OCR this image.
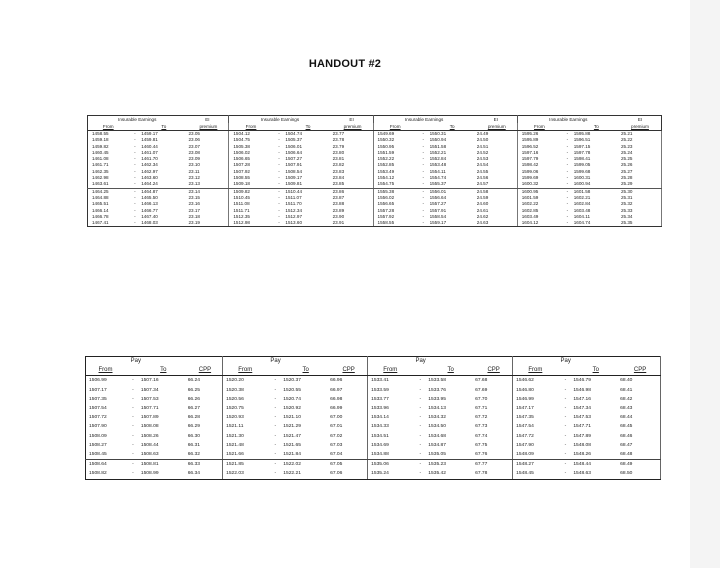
HANDOUT #2
Insurable Earnings			EI	Insurable Earnings			EI	Insurable Earnings			EI	Insurable Earnings			EI
From		To	premium	From		To	premium	From		To	premium	From		To	premium
1458.55	-	1459.17	23.05	1504.12	-	1504.74	23.77	1549.69	-	1550.31	24.49	1595.26	-	1595.88	25.21
1459.18	-	1459.81	23.06	1504.75	-	1505.37	23.78	1550.32	-	1550.94	24.50	1595.89	-	1596.51	25.22
1459.82	-	1460.44	23.07	1505.38	-	1506.01	23.79	1550.95	-	1551.58	24.51	1596.52	-	1597.15	25.23
1460.45	-	1461.07	23.08	1506.02	-	1506.64	23.80	1551.59	-	1552.21	24.52	1597.16	-	1597.78	25.24
1461.08	-	1461.70	23.09	1506.65	-	1507.27	23.81	1552.22	-	1552.84	24.53	1597.79	-	1598.41	25.25
1461.71	-	1462.34	23.10	1507.28	-	1507.91	23.82	1552.85	-	1553.48	24.54	1598.42	-	1599.05	25.26
1462.35	-	1462.97	23.11	1507.92	-	1508.54	23.83	1553.49	-	1554.11	24.55	1599.06	-	1599.68	25.27
1462.98	-	1463.60	23.12	1508.55	-	1509.17	23.84	1554.12	-	1554.74	24.56	1599.69	-	1600.31	25.28
1463.61	-	1464.24	23.13	1509.18	-	1509.81	23.85	1554.75	-	1555.37	24.57	1600.32	-	1600.94	25.29
1464.25	-	1464.87	23.14	1509.82	-	1510.44	23.86	1555.38	-	1556.01	24.58	1600.95	-	1601.58	25.30
1464.88	-	1465.50	23.15	1510.45	-	1511.07	23.87	1556.02	-	1556.64	24.59	1601.59	-	1602.21	25.31
1465.51	-	1466.13	23.16	1511.08	-	1511.70	23.88	1556.65	-	1557.27	24.60	1602.22	-	1602.84	25.32
1466.14	-	1466.77	23.17	1511.71	-	1512.34	23.89	1557.28	-	1557.91	24.61	1602.85	-	1603.48	25.33
1466.78	-	1467.40	23.18	1512.35	-	1512.97	23.90	1557.92	-	1558.54	24.62	1603.49	-	1604.11	25.34
1467.41	-	1468.03	23.19	1512.98	-	1513.60	23.91	1558.55	-	1559.17	24.63	1604.12	-	1604.74	25.35
Pay				Pay				Pay				Pay			
From		To	CPP	From		To	CPP	From		To	CPP	From		To	CPP
1506.99	-	1507.16	66.24	1520.20	-	1520.37	66.96	1533.41	-	1533.58	67.68	1546.62	-	1546.79	68.40
1507.17	-	1507.34	66.25	1520.38	-	1520.55	66.97	1533.59	-	1533.76	67.69	1546.80	-	1546.98	68.41
1507.35	-	1507.53	66.26	1520.56	-	1520.74	66.98	1533.77	-	1533.95	67.70	1546.99	-	1547.16	68.42
1507.54	-	1507.71	66.27	1520.75	-	1520.92	66.99	1533.96	-	1534.13	67.71	1547.17	-	1547.34	68.43
1507.72	-	1507.89	66.28	1520.93	-	1521.10	67.00	1534.14	-	1534.32	67.72	1547.35	-	1547.53	68.44
1507.90	-	1508.08	66.29	1521.11	-	1521.29	67.01	1534.33	-	1534.50	67.73	1547.54	-	1547.71	68.45
1508.09	-	1508.26	66.30	1521.30	-	1521.47	67.02	1534.51	-	1534.68	67.74	1547.72	-	1547.89	68.46
1508.27	-	1508.44	66.31	1521.48	-	1521.65	67.03	1534.69	-	1534.87	67.75	1547.90	-	1548.08	68.47
1508.45	-	1508.63	66.32	1521.66	-	1521.84	67.04	1534.88	-	1535.05	67.76	1548.09	-	1548.26	68.48
1508.64	-	1508.81	66.33	1521.85	-	1522.02	67.05	1535.06	-	1535.23	67.77	1548.27	-	1548.44	68.49
1508.82	-	1508.99	66.34	1522.03	-	1522.21	67.06	1535.24	-	1535.42	67.78	1548.45	-	1548.63	68.50
